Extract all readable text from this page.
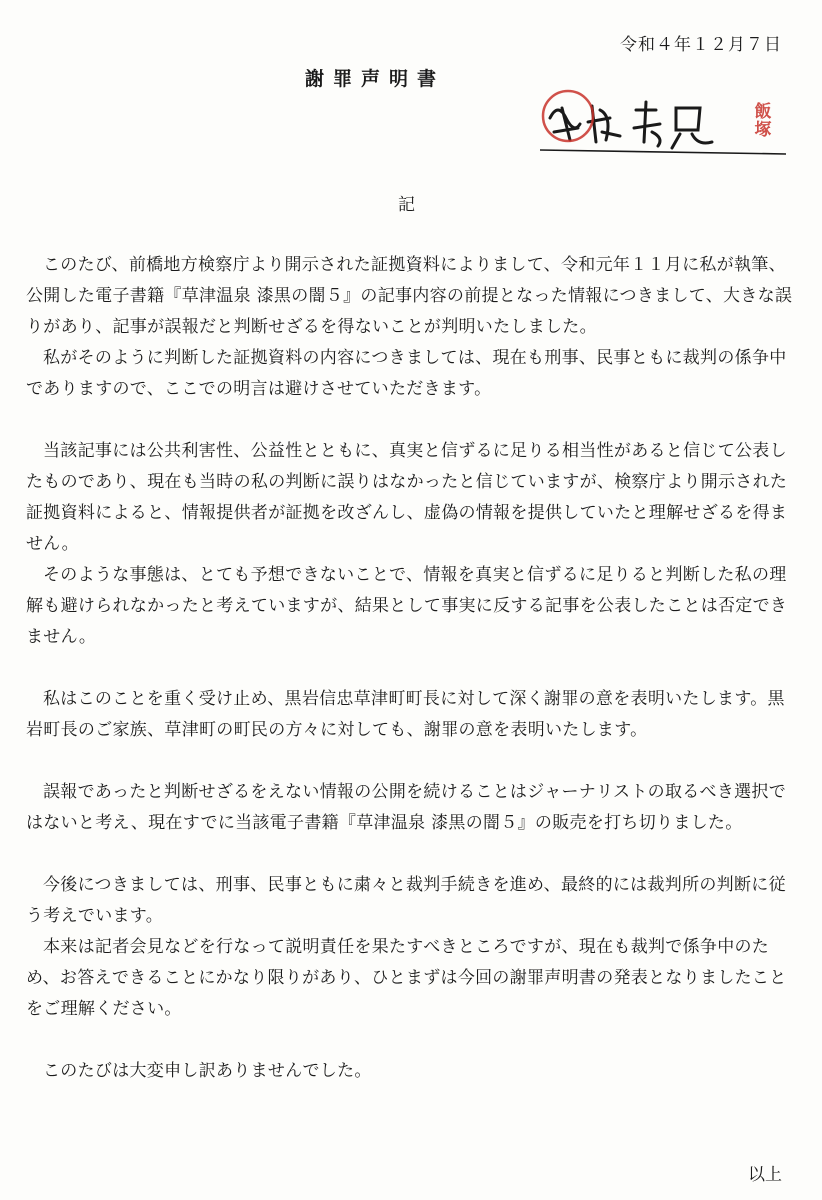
令和４年１２月７日
謝罪声明書
飯
塚
記

このたび、前橋地方検察庁より開示された証拠資料によりまして、令和元年１１月に私が執筆、公開した電子書籍『草津温泉 漆黒の闇５』の記事内容の前提となった情報につきまして、大きな誤りがあり、記事が誤報だと判断せざるを得ないことが判明いたしました。

私がそのように判断した証拠資料の内容につきましては、現在も刑事、民事ともに裁判の係争中でありますので、ここでの明言は避けさせていただきます。

当該記事には公共利害性、公益性とともに、真実と信ずるに足りる相当性があると信じて公表したものであり、現在も当時の私の判断に誤りはなかったと信じていますが、検察庁より開示された証拠資料によると、情報提供者が証拠を改ざんし、虚偽の情報を提供していたと理解せざるを得ません。

そのような事態は、とても予想できないことで、情報を真実と信ずるに足りると判断した私の理解も避けられなかったと考えていますが、結果として事実に反する記事を公表したことは否定できません。

私はこのことを重く受け止め、黒岩信忠草津町町長に対して深く謝罪の意を表明いたします。黒岩町長のご家族、草津町の町民の方々に対しても、謝罪の意を表明いたします。

誤報であったと判断せざるをえない情報の公開を続けることはジャーナリストの取るべき選択ではないと考え、現在すでに当該電子書籍『草津温泉 漆黒の闇５』の販売を打ち切りました。

今後につきましては、刑事、民事ともに粛々と裁判手続きを進め、最終的には裁判所の判断に従う考えでいます。

本来は記者会見などを行なって説明責任を果たすべきところですが、現在も裁判で係争中のため、お答えできることにかなり限りがあり、ひとまずは今回の謝罪声明書の発表となりましたことをご理解ください。

このたびは大変申し訳ありませんでした。

以上
